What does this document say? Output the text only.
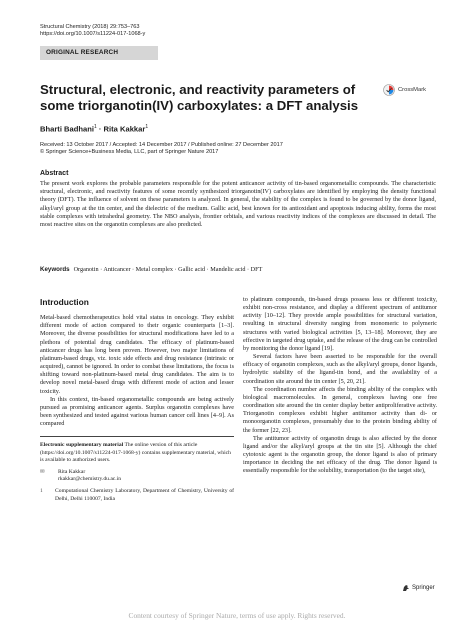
Structural Chemistry (2018) 29:753–763
https://doi.org/10.1007/s11224-017-1068-y
ORIGINAL RESEARCH
CrossMark
Structural, electronic, and reactivity parameters of some triorganotin(IV) carboxylates: a DFT analysis
Bharti Badhani$^1$ · Rita Kakkar$^1$
Received: 13 October 2017 / Accepted: 14 December 2017 / Published online: 27 December 2017
© Springer Science+Business Media, LLC, part of Springer Nature 2017
Abstract

The present work explores the probable parameters responsible for the potent anticancer activity of tin-based organometallic compounds. The characteristic structural, electronic, and reactivity features of some recently synthesized triorganotin(IV) carboxylates are identified by employing the density functional theory (DFT). The influence of solvent on these parameters is analyzed. In general, the stability of the complex is found to be governed by the donor ligand, alkyl/aryl group at the tin center, and the dielectric of the medium. Gallic acid, best known for its antioxidant and apoptosis inducing ability, forms the most stable complexes with tetrahedral geometry. The NBO analysis, frontier orbitals, and various reactivity indices of the complexes are discussed in detail. The most reactive sites on the organotin complexes are also predicted.

Keywords Organotin · Anticancer · Metal complex · Gallic acid · Mandelic acid · DFT
Introduction

Metal-based chemotherapeutics hold vital status in oncology. They exhibit different mode of action compared to their organic counterparts [1–3]. Moreover, the diverse possibilities for structural modifications have led to a plethora of potential drug candidates. The efficacy of platinum-based anticancer drugs has long been proven. However, two major limitations of platinum-based drugs, viz. toxic side effects and drug resistance (intrinsic or acquired), cannot be ignored. In order to combat these limitations, the focus is shifting toward non-platinum-based metal drug candidates. The aim is to develop novel metal-based drugs with different mode of action and lesser toxicity.

In this context, tin-based organometallic compounds are being actively pursued as promising anticancer agents. Surplus organotin complexes have been synthesized and tested against various human cancer cell lines [4–9]. As compared

Electronic supplementary material The online version of this article (https://doi.org/10.1007/s11224-017-1068-y) contains supplementary material, which is available to authorized users.
✉	Rita Kakkar
rkakkar@chemistry.du.ac.in
1	Computational Chemistry Laboratory, Department of Chemistry, University of Delhi, Delhi 110007, India

to platinum compounds, tin-based drugs possess less or different toxicity, exhibit non-cross resistance, and display a different spectrum of antitumor activity [10–12]. They provide ample possibilities for structural variation, resulting in structural diversity ranging from monomeric to polymeric structures with varied biological activities [5, 13–18]. Moreover, they are effective in targeted drug uptake, and the release of the drug can be controlled by monitoring the donor ligand [19].

Several factors have been asserted to be responsible for the overall efficacy of organotin complexes, such as the alkyl/aryl groups, donor ligands, hydrolytic stability of the ligand-tin bond, and the availability of a coordination site around the tin center [5, 20, 21].

The coordination number affects the binding ability of the complex with biological macromolecules. In general, complexes having one free coordination site around the tin center display better antiproliferative activity. Triorganotin complexes exhibit higher antitumor activity than di- or monoorganotin complexes, presumably due to the protein binding ability of the former [22, 23].

The antitumor activity of organotin drugs is also affected by the donor ligand and/or the alkyl/aryl groups at the tin site [5]. Although the chief cytotoxic agent is the organotin group, the donor ligand is also of primary importance in deciding the net efficacy of the drug. The donor ligand is essentially responsible for the solubility, transportation (to the target site),

Springer
Content courtesy of Springer Nature, terms of use apply. Rights reserved.
